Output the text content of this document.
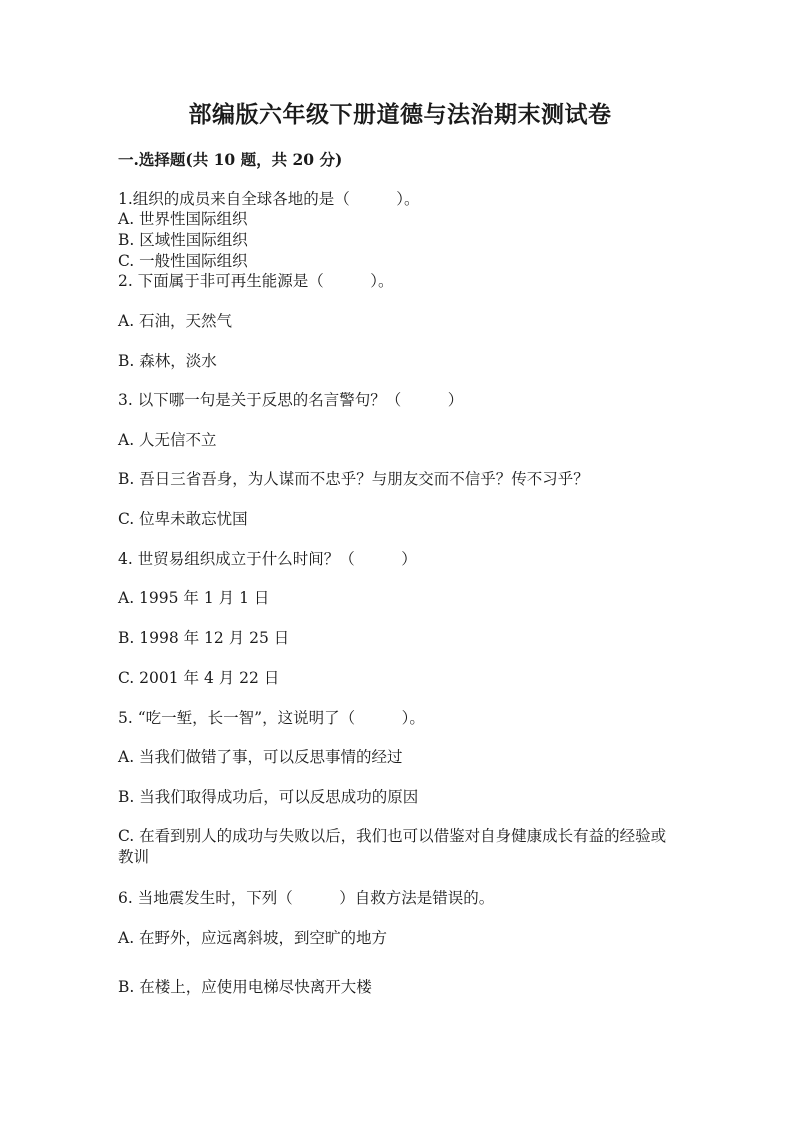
部编版六年级下册道德与法治期末测试卷
一.选择题(共 10 题，共 20 分)
1.组织的成员来自全球各地的是（　　　）。
A. 世界性国际组织
B. 区域性国际组织
C. 一般性国际组织
2. 下面属于非可再生能源是（　　　）。
A. 石油，天然气
B. 森林，淡水
3. 以下哪一句是关于反思的名言警句？（　　　）
A. 人无信不立
B. 吾日三省吾身，为人谋而不忠乎？与朋友交而不信乎？传不习乎？
C. 位卑未敢忘忧国
4. 世贸易组织成立于什么时间？（　　　）
A. 1995 年 1 月 1 日
B. 1998 年 12 月 25 日
C. 2001 年 4 月 22 日
5. “吃一堑，长一智”，这说明了（　　　）。
A. 当我们做错了事，可以反思事情的经过
B. 当我们取得成功后，可以反思成功的原因
C. 在看到别人的成功与失败以后，我们也可以借鉴对自身健康成长有益的经验或教训
6. 当地震发生时，下列（　　　）自救方法是错误的。
A. 在野外，应远离斜坡，到空旷的地方
B. 在楼上，应使用电梯尽快离开大楼
